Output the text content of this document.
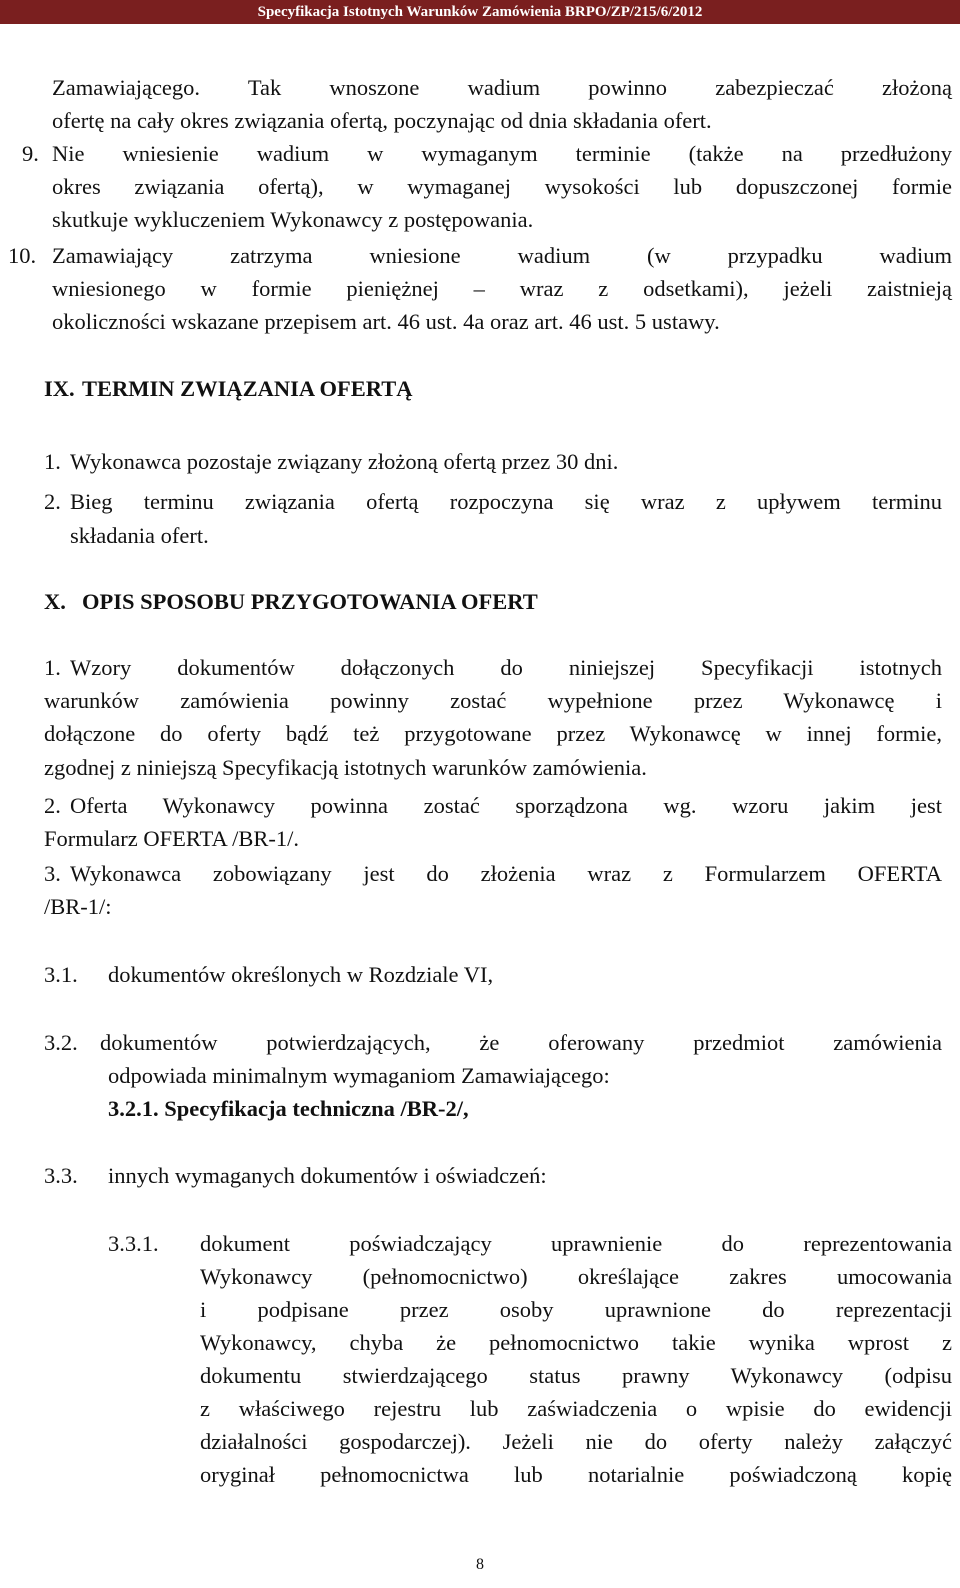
Specyfikacja Istotnych Warunków Zamówienia BRPO/ZP/215/6/2012
Zamawiającego. Tak wnoszone wadium powinno zabezpieczać złożoną
ofertę na cały okres związania ofertą, poczynając od dnia składania ofert.
9. Nie wniesienie wadium w wymaganym terminie (także na przedłużony
okres związania ofertą), w wymaganej wysokości lub dopuszczonej formie
skutkuje wykluczeniem Wykonawcy z postępowania.
10. Zamawiający zatrzyma wniesione wadium (w przypadku wadium
wniesionego w formie pieniężnej – wraz z odsetkami), jeżeli zaistnieją
okoliczności wskazane przepisem art. 46 ust. 4a oraz art. 46 ust. 5 ustawy.
IX. TERMIN ZWIĄZANIA OFERTĄ
1. Wykonawca pozostaje związany złożoną ofertą przez 30 dni.
2. Bieg terminu związania ofertą rozpoczyna się wraz z upływem terminu
składania ofert.
X. OPIS SPOSOBU PRZYGOTOWANIA OFERT
1. Wzory dokumentów dołączonych do niniejszej Specyfikacji istotnych
warunków zamówienia powinny zostać wypełnione przez Wykonawcę i
dołączone do oferty bądź też przygotowane przez Wykonawcę w innej formie,
zgodnej z niniejszą Specyfikacją istotnych warunków zamówienia.
2. Oferta Wykonawcy powinna zostać sporządzona wg. wzoru jakim jest
Formularz OFERTA /BR-1/.
3. Wykonawca zobowiązany jest do złożenia wraz z Formularzem OFERTA
/BR-1/:
3.1. dokumentów określonych w Rozdziale VI,
3.2. dokumentów potwierdzających, że oferowany przedmiot zamówienia
odpowiada minimalnym wymaganiom Zamawiającego:
3.2.1. Specyfikacja techniczna /BR-2/,
3.3. innych wymaganych dokumentów i oświadczeń:
3.3.1. dokument poświadczający uprawnienie do reprezentowania
Wykonawcy (pełnomocnictwo) określające zakres umocowania
i podpisane przez osoby uprawnione do reprezentacji
Wykonawcy, chyba że pełnomocnictwo takie wynika wprost z
dokumentu stwierdzającego status prawny Wykonawcy (odpisu
z właściwego rejestru lub zaświadczenia o wpisie do ewidencji
działalności gospodarczej). Jeżeli nie do oferty należy załączyć
oryginał pełnomocnictwa lub notarialnie poświadczoną kopię
8
